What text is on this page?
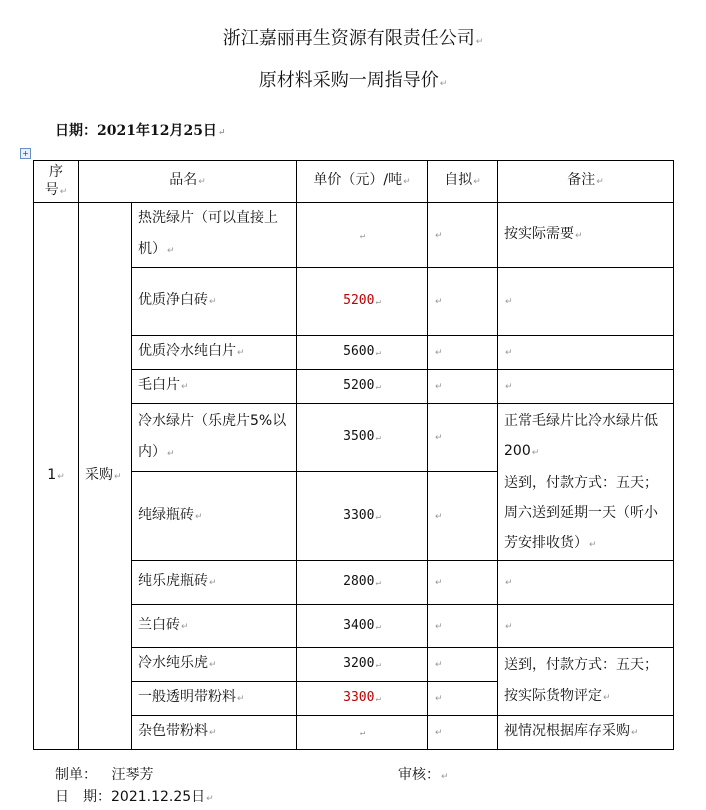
浙江嘉丽再生资源有限责任公司 ↵
原材料采购一周指导价 ↵
日期：2021年12月25日 ↵
+
序号 ↵	品名 ↵		单价（元）/吨 ↵	自拟 ↵	备注 ↵
1 ↵	采购 ↵	热洗绿片（可以直接上机） ↵	↵	↵	按实际需要 ↵
		优质净白砖 ↵	5200 ↵	↵	↵
		优质冷水纯白片 ↵	5600 ↵	↵	↵
		毛白片 ↵	5200 ↵	↵	↵
		冷水绿片（乐虎片5%以内） ↵	3500 ↵	↵	正常毛绿片比冷水绿片低200 ↵
送到，付款方式：五天；周六送到延期一天（听小芳安排收货） ↵

		纯绿瓶砖 ↵	3300 ↵	↵
		纯乐虎瓶砖 ↵	2800 ↵	↵	↵
		兰白砖 ↵	3400 ↵	↵	↵
		冷水纯乐虎 ↵	3200 ↵	↵	送到，付款方式：五天；按实际货物评定 ↵
		一般透明带粉料 ↵	3300 ↵	↵
		杂色带粉料 ↵	↵	↵	视情况根据库存采购 ↵
制单： 汪琴芳	审核： ↵
日　期：2021.12.25日 ↵
